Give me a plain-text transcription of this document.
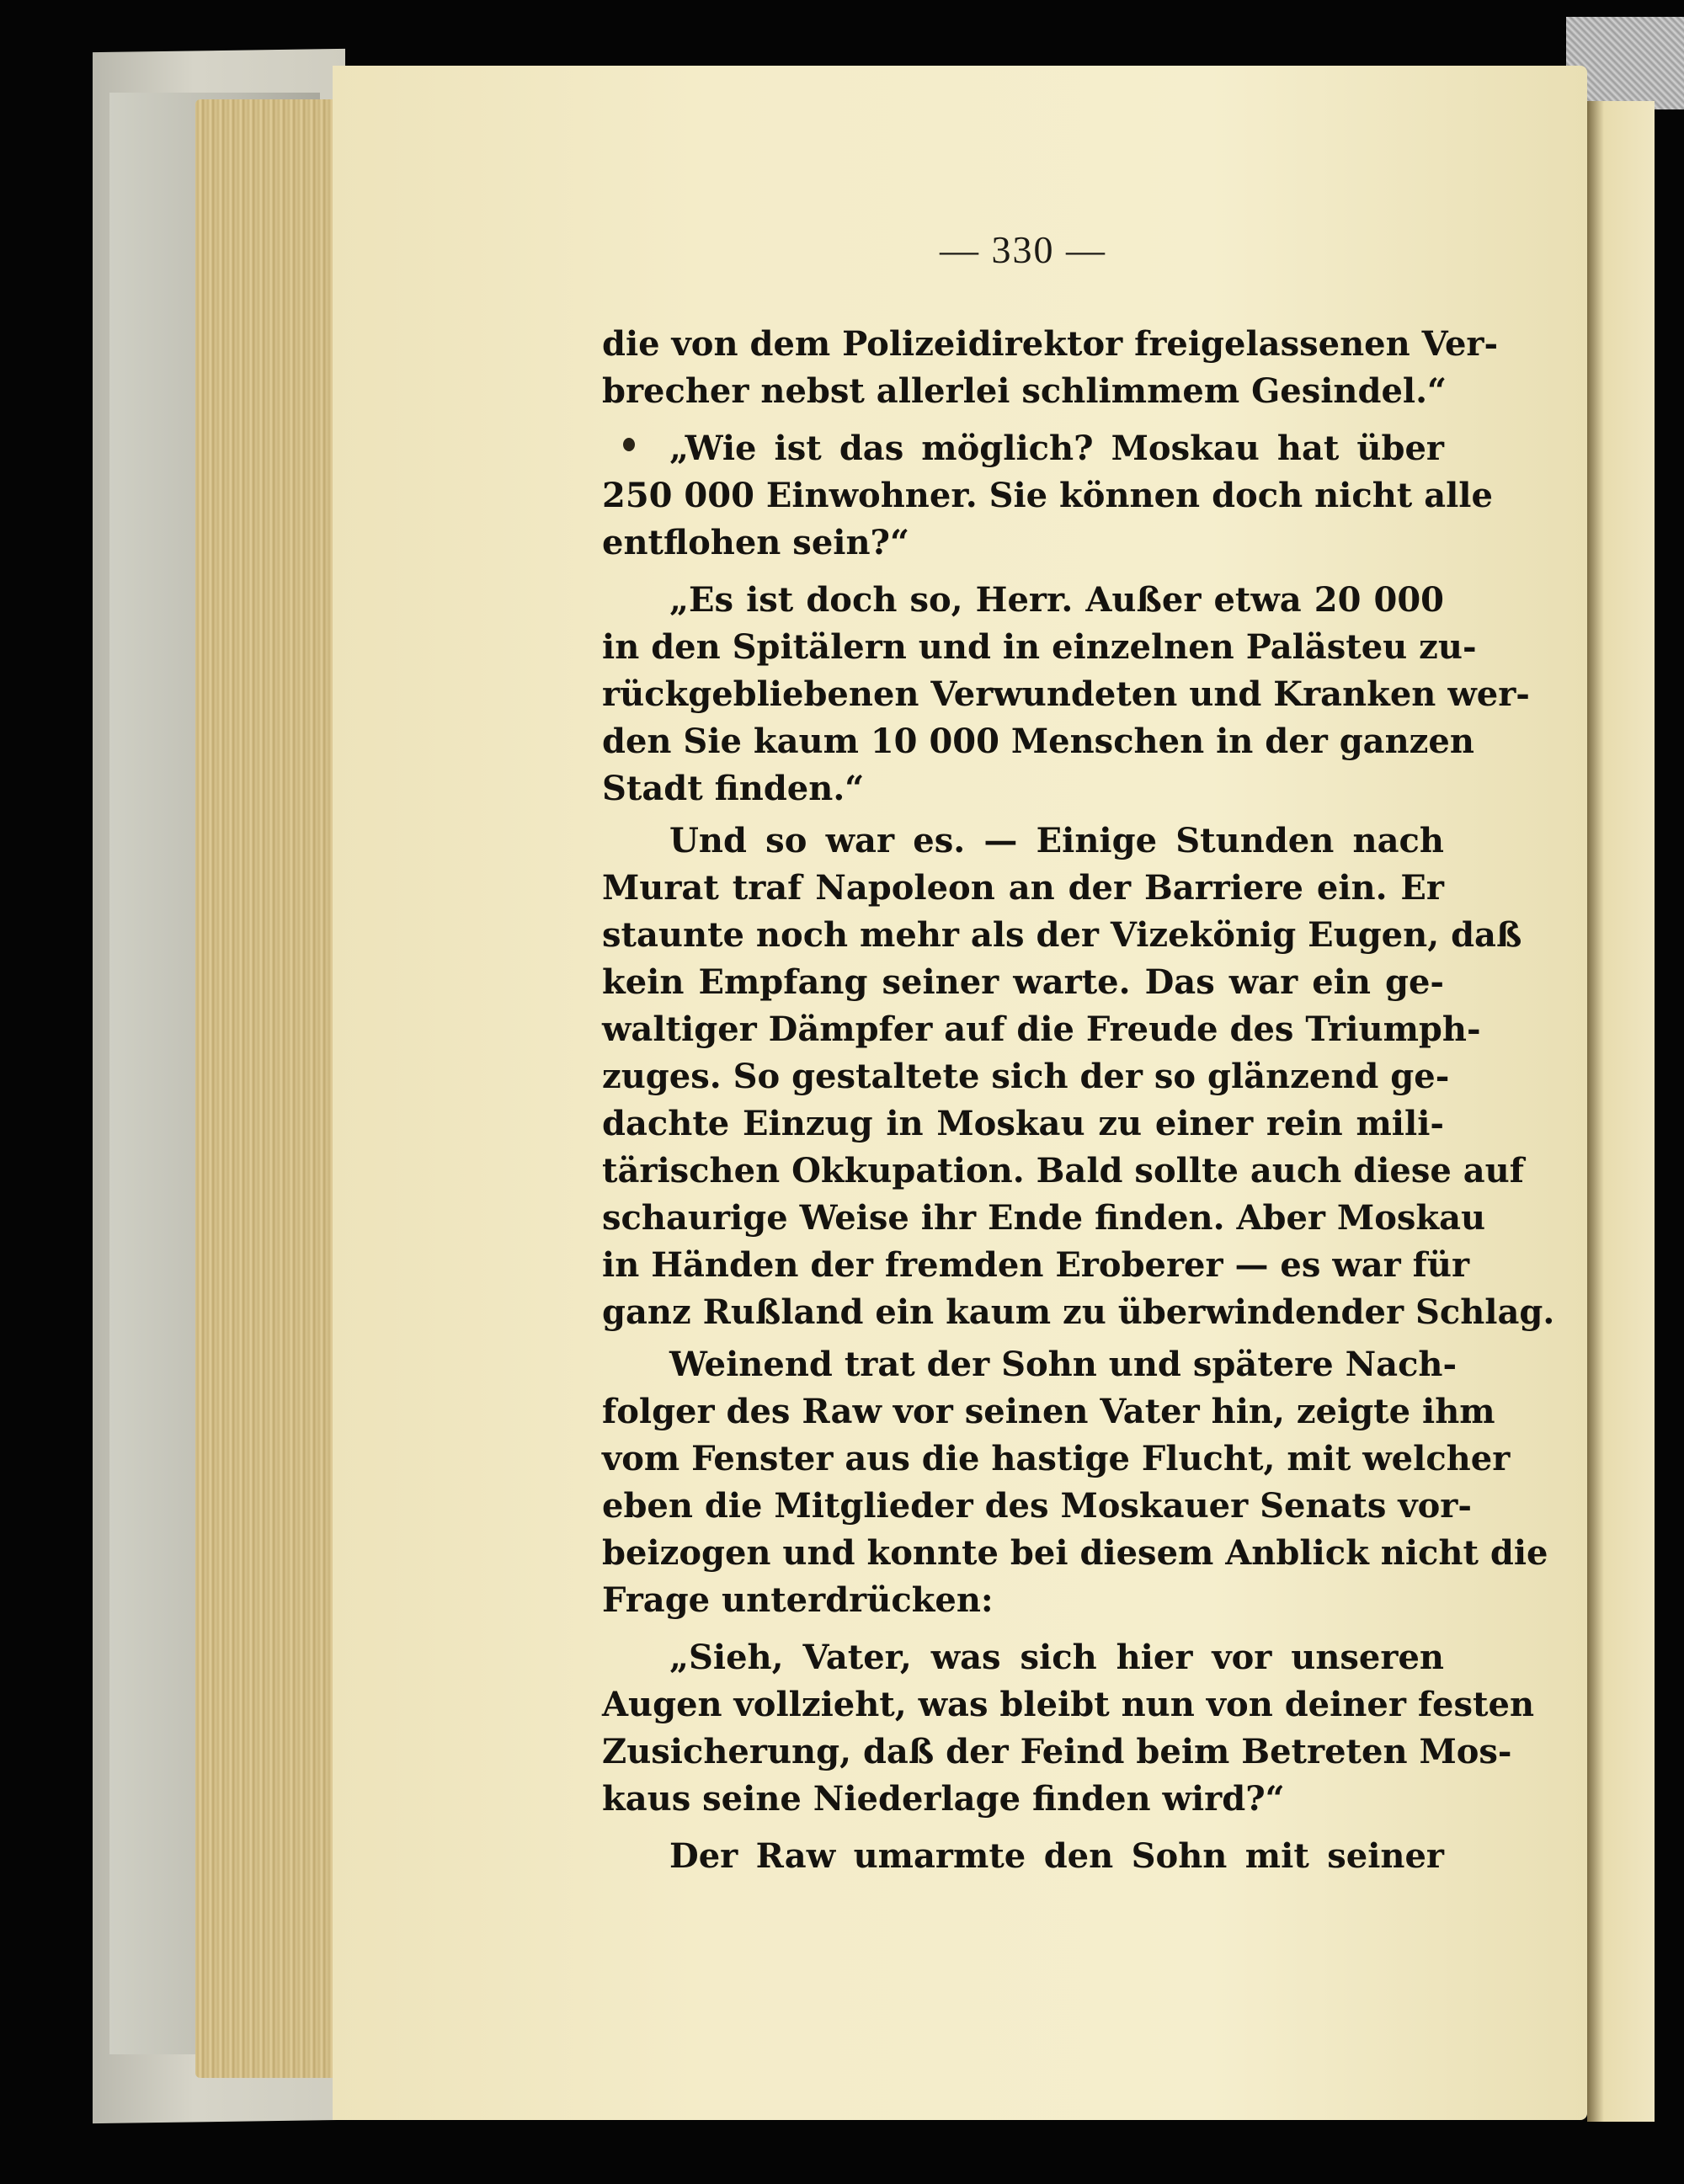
— 330 —
die von dem Polizeidirektor freigelassenen Ver-
brecher nebst allerlei schlimmem Gesindel.“
„Wie ist das möglich? Moskau hat über
250 000 Einwohner. Sie können doch nicht alle
entflohen sein?“
„Es ist doch so, Herr. Außer etwa 20 000
in den Spitälern und in einzelnen Palästeu zu-
rückgebliebenen Verwundeten und Kranken wer-
den Sie kaum 10 000 Menschen in der ganzen
Stadt finden.“
Und so war es. — Einige Stunden nach
Murat traf Napoleon an der Barriere ein. Er
staunte noch mehr als der Vizekönig Eugen, daß
kein Empfang seiner warte. Das war ein ge-
waltiger Dämpfer auf die Freude des Triumph-
zuges. So gestaltete sich der so glänzend ge-
dachte Einzug in Moskau zu einer rein mili-
tärischen Okkupation. Bald sollte auch diese auf
schaurige Weise ihr Ende finden. Aber Moskau
in Händen der fremden Eroberer — es war für
ganz Rußland ein kaum zu überwindender Schlag.
Weinend trat der Sohn und spätere Nach-
folger des Raw vor seinen Vater hin, zeigte ihm
vom Fenster aus die hastige Flucht, mit welcher
eben die Mitglieder des Moskauer Senats vor-
beizogen und konnte bei diesem Anblick nicht die
Frage unterdrücken:
„Sieh, Vater, was sich hier vor unseren
Augen vollzieht, was bleibt nun von deiner festen
Zusicherung, daß der Feind beim Betreten Mos-
kaus seine Niederlage finden wird?“
Der Raw umarmte den Sohn mit seiner
